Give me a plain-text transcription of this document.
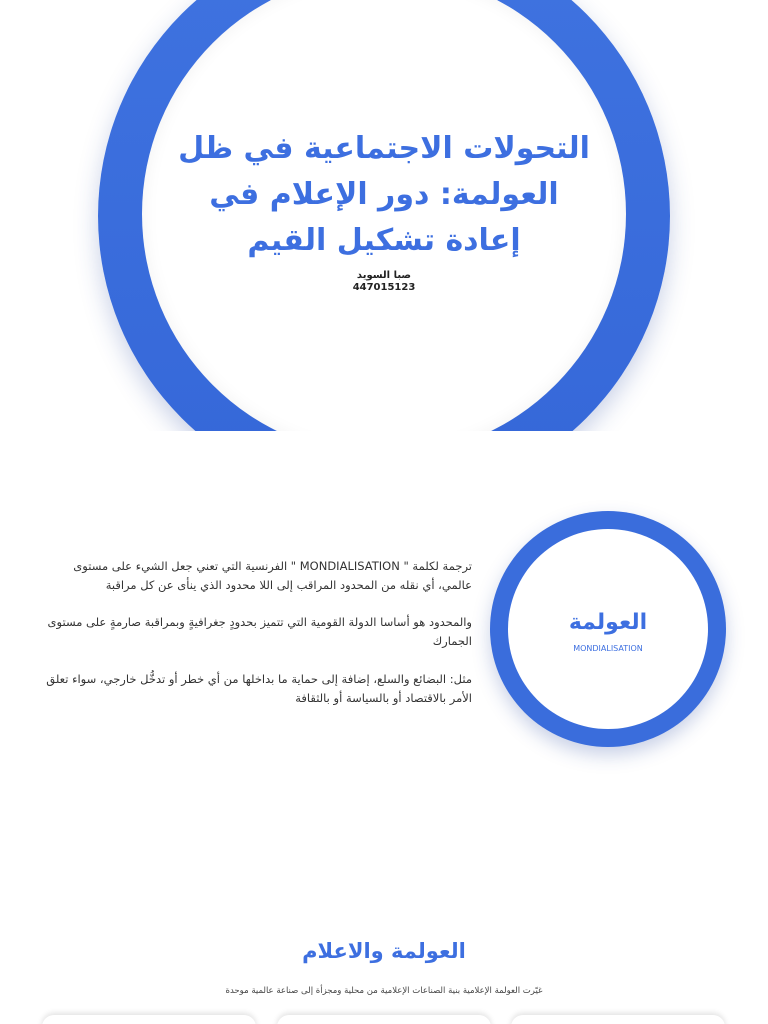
التحولات الاجتماعية في ظل العولمة: دور الإعلام في إعادة تشكيل القيم
صبا السويد
447015123
العولمة
MONDIALISATION

ترجمة لكلمة " MONDIALISATION " الفرنسية التي تعني جعل الشيء على مستوى عالمي، أي نقله من المحدود المراقب إلى اللا محدود الذي ينأى عن كل مراقبة

والمحدود هو أساسا الدولة القومية التي تتميز بحدودٍ جغرافيةٍ وبمراقبة صارمةٍ على مستوى الجمارك

مثل: البضائع والسلع، إضافة إلى حماية ما بداخلها من أي خطر أو تدخُّل خارجي، سواء تعلق الأمر بالاقتصاد أو بالسياسة أو بالثقافة

العولمة والاعلام
غيّرت العولمة الإعلامية بنية الصناعات الإعلامية من محلية ومجزأة إلى صناعة عالمية موحدة
